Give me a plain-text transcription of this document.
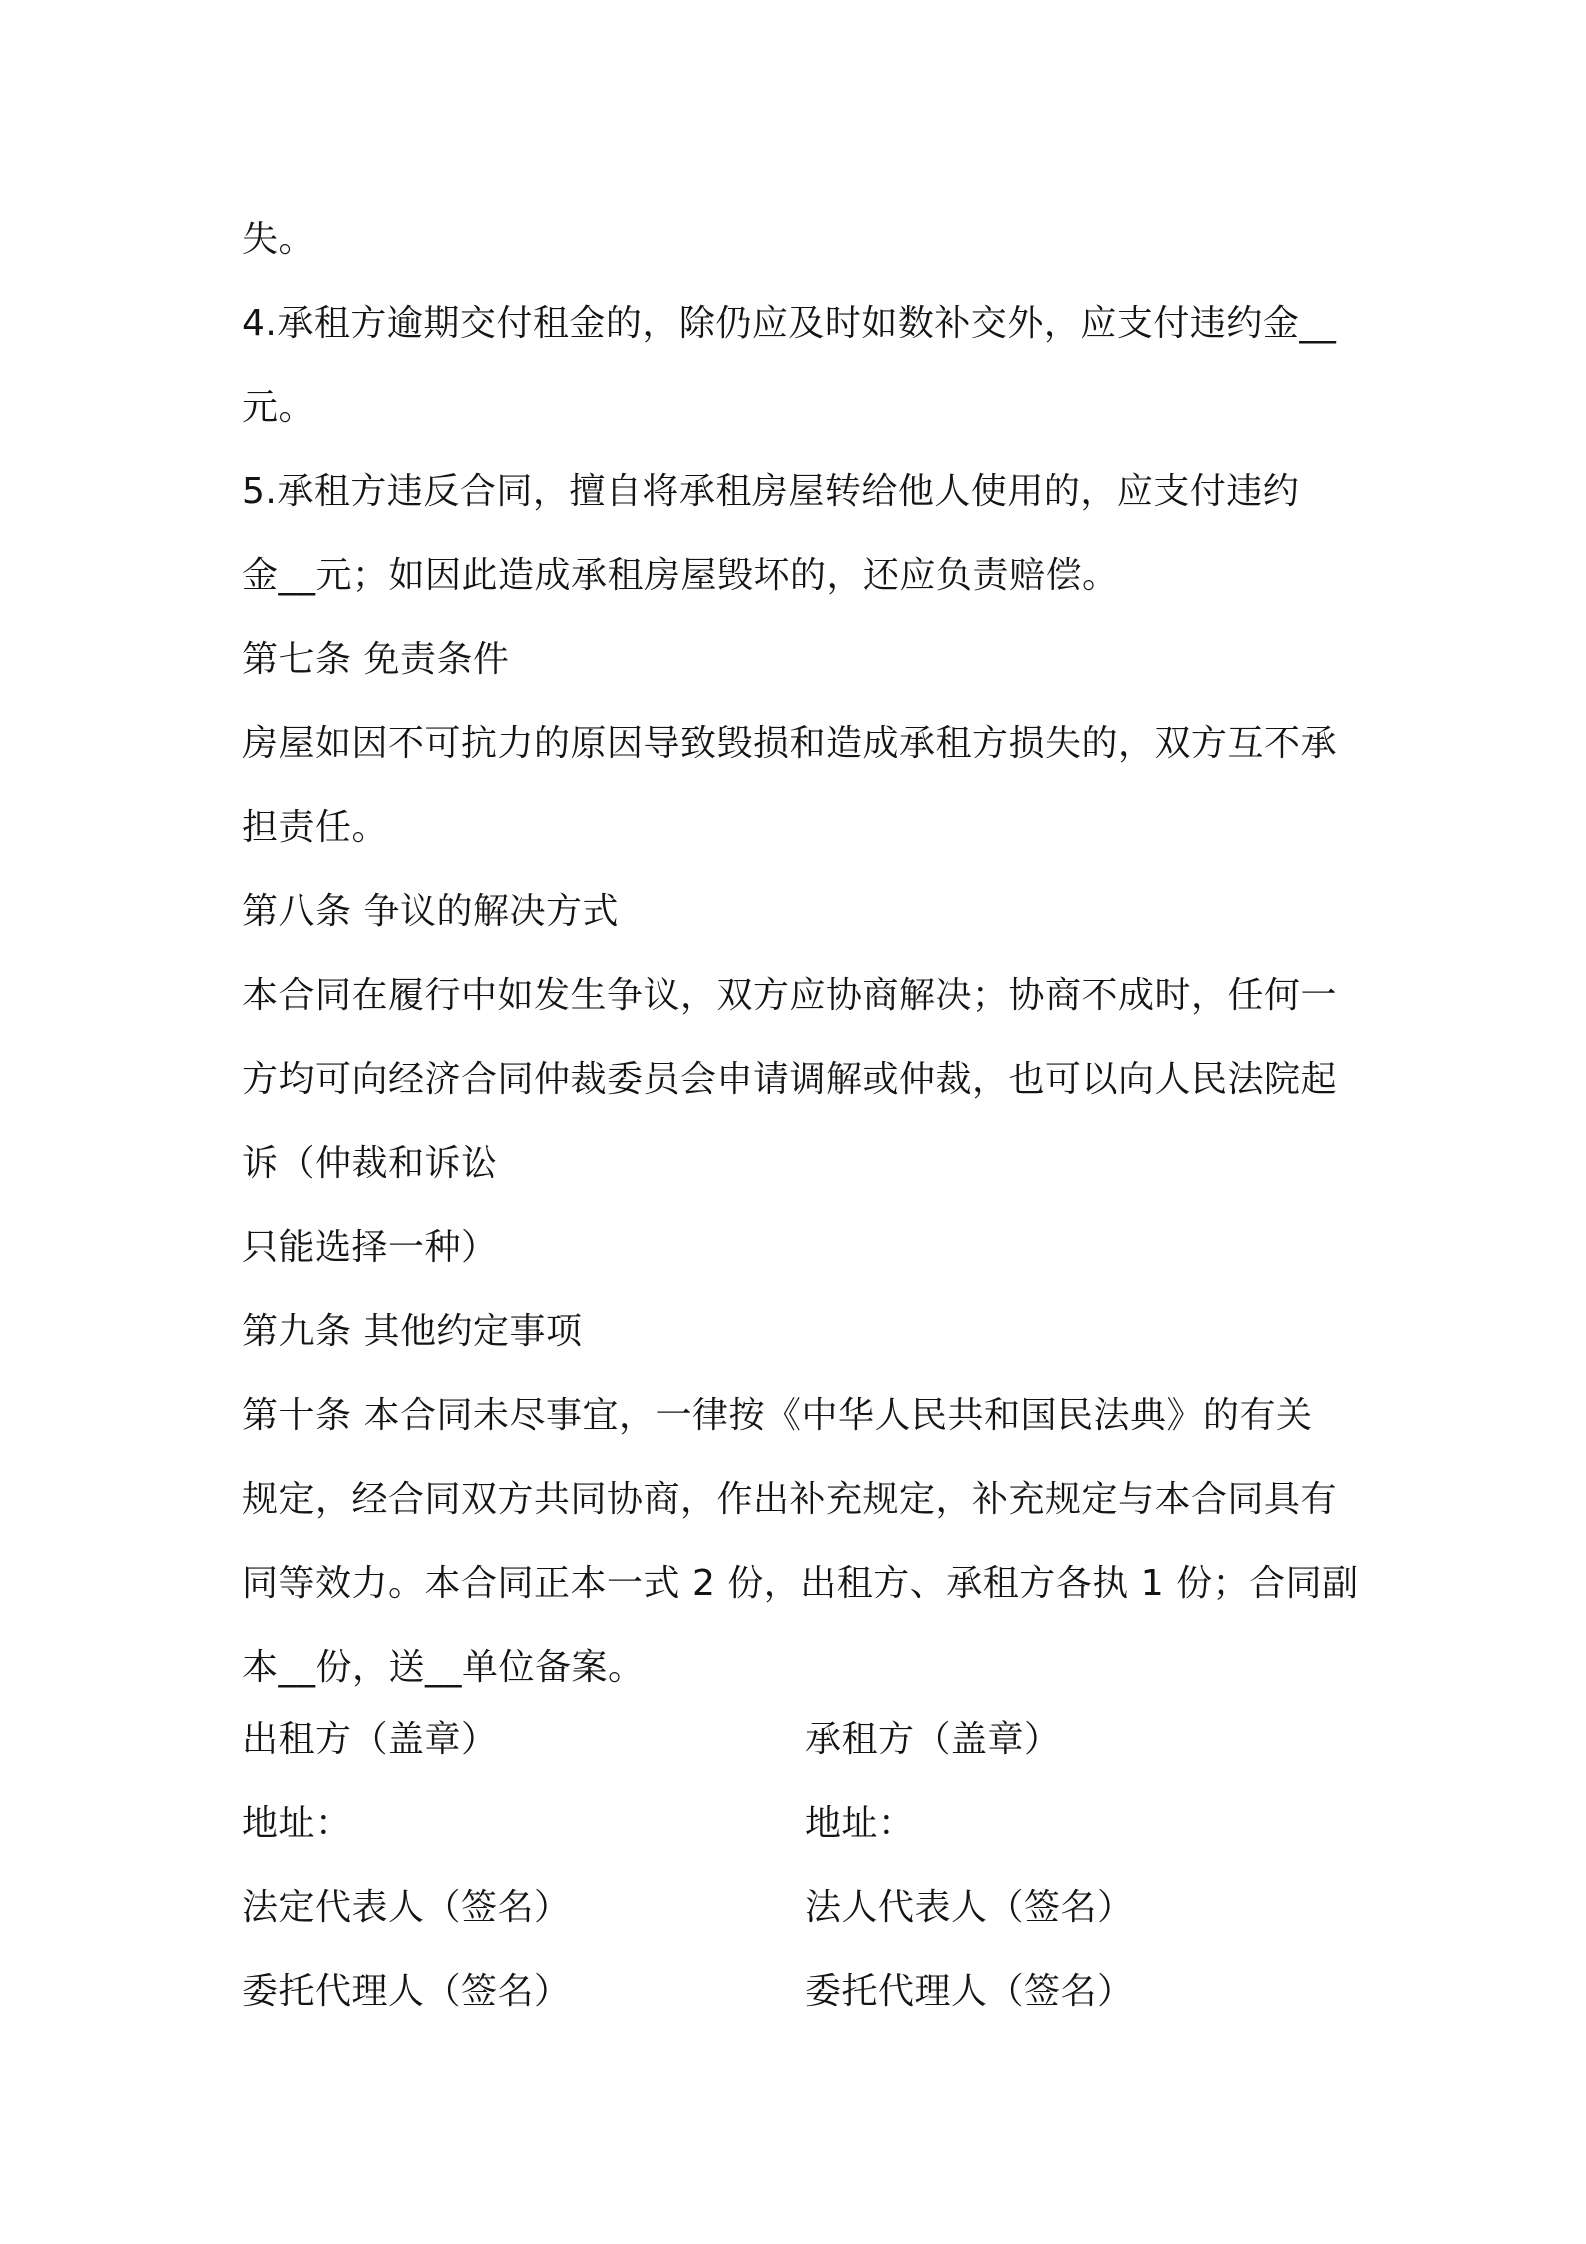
失。
4.承租方逾期交付租金的，除仍应及时如数补交外，应支付违约金__
元。
5.承租方违反合同，擅自将承租房屋转给他人使用的，应支付违约
金__元；如因此造成承租房屋毁坏的，还应负责赔偿。
第七条 免责条件
房屋如因不可抗力的原因导致毁损和造成承租方损失的，双方互不承
担责任。
第八条 争议的解决方式
本合同在履行中如发生争议，双方应协商解决；协商不成时，任何一
方均可向经济合同仲裁委员会申请调解或仲裁，也可以向人民法院起
诉（仲裁和诉讼
只能选择一种）
第九条 其他约定事项
第十条 本合同未尽事宜，一律按《中华人民共和国民法典》的有关
规定，经合同双方共同协商，作出补充规定，补充规定与本合同具有
同等效力。本合同正本一式 2 份，出租方、承租方各执 1 份；合同副
本__份，送__单位备案。
出租方（盖章）	承租方（盖章）
地址：	地址：
法定代表人（签名）	法人代表人（签名）
委托代理人（签名）	委托代理人（签名）
